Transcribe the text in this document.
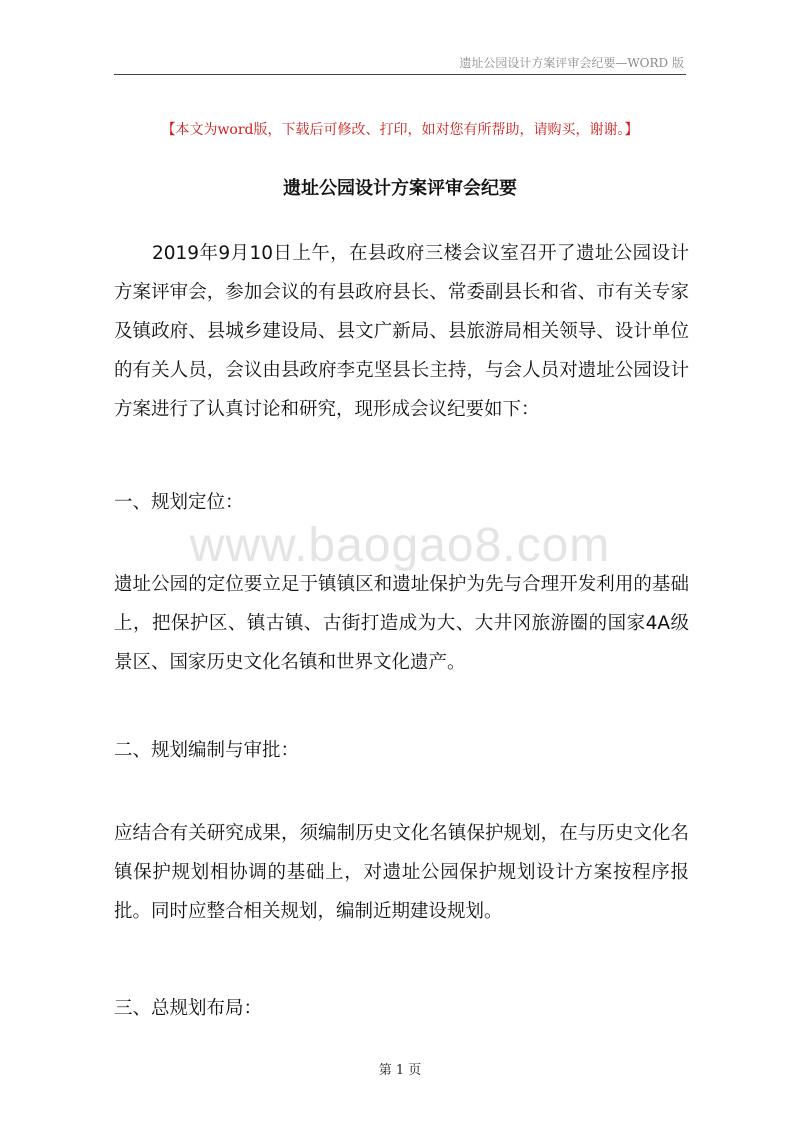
遗址公园设计方案评审会纪要—WORD 版
【本文为word版，下载后可修改、打印，如对您有所帮助，请购买，谢谢。】
遗址公园设计方案评审会纪要

2019年9月10日上午，在县政府三楼会议室召开了遗址公园设计方案评审会，参加会议的有县政府县长、常委副县长和省、市有关专家及镇政府、县城乡建设局、县文广新局、县旅游局相关领导、设计单位的有关人员，会议由县政府李克坚县长主持，与会人员对遗址公园设计方案进行了认真讨论和研究，现形成会议纪要如下：

一、规划定位：

www.baogao8.com

遗址公园的定位要立足于镇镇区和遗址保护为先与合理开发利用的基础上，把保护区、镇古镇、古街打造成为大、大井冈旅游圈的国家4A级景区、国家历史文化名镇和世界文化遗产。

二、规划编制与审批：

应结合有关研究成果，须编制历史文化名镇保护规划，在与历史文化名镇保护规划相协调的基础上，对遗址公园保护规划设计方案按程序报批。同时应整合相关规划，编制近期建设规划。

三、总规划布局：

第 1 页
